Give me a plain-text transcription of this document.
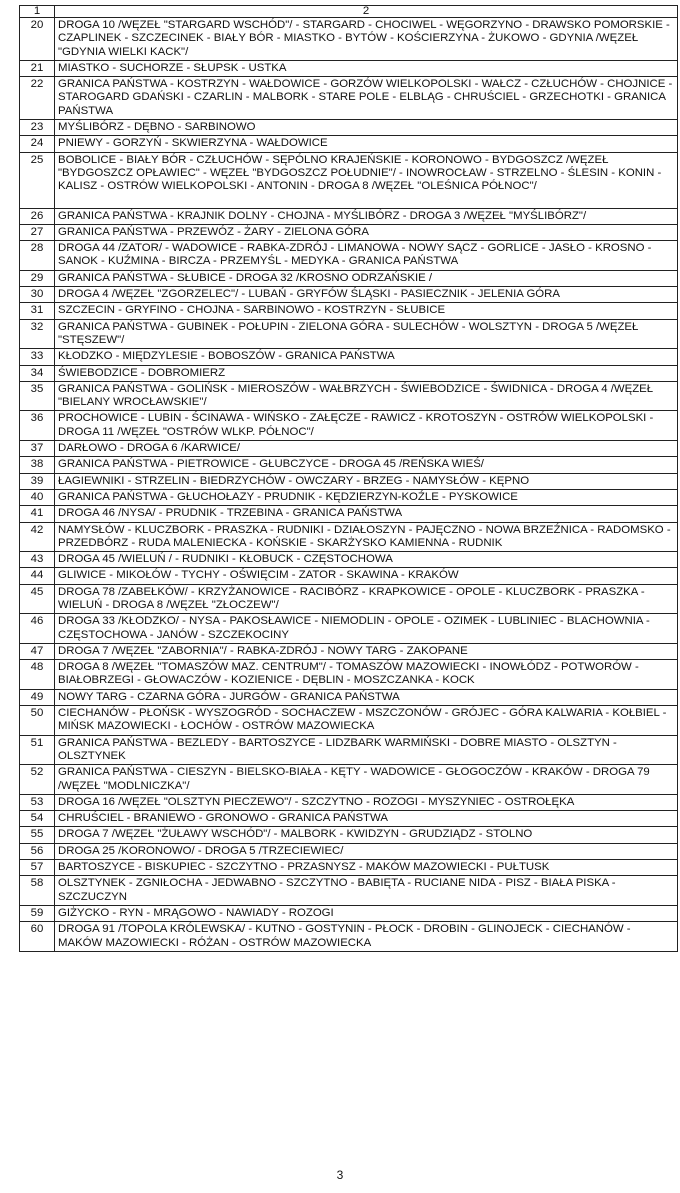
1	2
20	DROGA 10 /WĘZEŁ "STARGARD WSCHÓD"/ - STARGARD - CHOCIWEL - WĘGORZYNO - DRAWSKO POMORSKIE - CZAPLINEK - SZCZECINEK - BIAŁY BÓR - MIASTKO - BYTÓW - KOŚCIERZYNA - ŻUKOWO - GDYNIA /WĘZEŁ "GDYNIA WIELKI KACK"/
21	MIASTKO - SUCHORZE - SŁUPSK - USTKA
22	GRANICA PAŃSTWA - KOSTRZYN - WAŁDOWICE - GORZÓW WIELKOPOLSKI - WAŁCZ - CZŁUCHÓW - CHOJNICE - STAROGARD GDAŃSKI - CZARLIN - MALBORK - STARE POLE - ELBLĄG - CHRUŚCIEL - GRZECHOTKI - GRANICA PAŃSTWA
23	MYŚLIBÓRZ - DĘBNO - SARBINOWO
24	PNIEWY - GORZYŃ - SKWIERZYNA - WAŁDOWICE
25	BOBOLICE - BIAŁY BÓR - CZŁUCHÓW - SĘPÓLNO KRAJEŃSKIE - KORONOWO - BYDGOSZCZ /WĘZEŁ "BYDGOSZCZ OPŁAWIEC" - WĘZEŁ "BYDGOSZCZ POŁUDNIE"/ - INOWROCŁAW - STRZELNO - ŚLESIN - KONIN - KALISZ - OSTRÓW WIELKOPOLSKI - ANTONIN - DROGA 8 /WĘZEŁ "OLEŚNICA PÓŁNOC"/
26	GRANICA PAŃSTWA - KRAJNIK DOLNY - CHOJNA - MYŚLIBÓRZ - DROGA 3 /WĘZEŁ "MYŚLIBÓRZ"/
27	GRANICA PAŃSTWA - PRZEWÓZ - ŻARY - ZIELONA GÓRA
28	DROGA 44 /ZATOR/ - WADOWICE - RABKA-ZDRÓJ - LIMANOWA - NOWY SĄCZ - GORLICE - JASŁO - KROSNO - SANOK - KUŹMINA - BIRCZA - PRZEMYŚL - MEDYKA - GRANICA PAŃSTWA
29	GRANICA PAŃSTWA - SŁUBICE - DROGA 32 /KROSNO ODRZAŃSKIE /
30	DROGA 4 /WĘZEŁ "ZGORZELEC"/ - LUBAŃ - GRYFÓW ŚLĄSKI - PASIECZNIK - JELENIA GÓRA
31	SZCZECIN - GRYFINO - CHOJNA - SARBINOWO - KOSTRZYN - SŁUBICE
32	GRANICA PAŃSTWA - GUBINEK - POŁUPIN - ZIELONA GÓRA - SULECHÓW - WOLSZTYN - DROGA 5 /WĘZEŁ "STĘSZEW"/
33	KŁODZKO - MIĘDZYLESIE - BOBOSZÓW - GRANICA PAŃSTWA
34	ŚWIEBODZICE - DOBROMIERZ
35	GRANICA PAŃSTWA - GOLIŃSK - MIEROSZÓW - WAŁBRZYCH - ŚWIEBODZICE - ŚWIDNICA - DROGA 4 /WĘZEŁ "BIELANY WROCŁAWSKIE"/
36	PROCHOWICE - LUBIN - ŚCINAWA - WIŃSKO - ZAŁĘCZE - RAWICZ - KROTOSZYN - OSTRÓW WIELKOPOLSKI - DROGA 11 /WĘZEŁ "OSTRÓW WLKP. PÓŁNOC"/
37	DARŁOWO - DROGA 6 /KARWICE/
38	GRANICA PAŃSTWA - PIETROWICE - GŁUBCZYCE - DROGA 45 /REŃSKA WIEŚ/
39	ŁAGIEWNIKI - STRZELIN - BIEDRZYCHÓW - OWCZARY - BRZEG - NAMYSŁÓW - KĘPNO
40	GRANICA PAŃSTWA - GŁUCHOŁAZY - PRUDNIK - KĘDZIERZYN-KOŹLE - PYSKOWICE
41	DROGA 46 /NYSA/ - PRUDNIK - TRZEBINA - GRANICA PAŃSTWA
42	NAMYSŁÓW - KLUCZBORK - PRASZKA - RUDNIKI - DZIAŁOSZYN - PAJĘCZNO - NOWA BRZEŹNICA - RADOMSKO - PRZEDBÓRZ - RUDA MALENIECKA - KOŃSKIE - SKARŻYSKO KAMIENNA - RUDNIK
43	DROGA 45 /WIELUŃ / - RUDNIKI - KŁOBUCK - CZĘSTOCHOWA
44	GLIWICE - MIKOŁÓW - TYCHY - OŚWIĘCIM - ZATOR - SKAWINA - KRAKÓW
45	DROGA 78 /ZABEŁKÓW/ - KRZYŻANOWICE - RACIBÓRZ - KRAPKOWICE - OPOLE - KLUCZBORK - PRASZKA - WIELUŃ - DROGA 8 /WĘZEŁ "ZŁOCZEW"/
46	DROGA 33 /KŁODZKO/ - NYSA - PAKOSŁAWICE - NIEMODLIN - OPOLE - OZIMEK - LUBLINIEC - BLACHOWNIA - CZĘSTOCHOWA - JANÓW - SZCZEKOCINY
47	DROGA 7 /WĘZEŁ "ZABORNIA"/ - RABKA-ZDRÓJ - NOWY TARG - ZAKOPANE
48	DROGA 8 /WĘZEŁ "TOMASZÓW MAZ. CENTRUM"/ - TOMASZÓW MAZOWIECKI - INOWŁÓDZ - POTWORÓW - BIAŁOBRZEGI - GŁOWACZÓW - KOZIENICE - DĘBLIN - MOSZCZANKA - KOCK
49	NOWY TARG - CZARNA GÓRA - JURGÓW - GRANICA PAŃSTWA
50	CIECHANÓW - PŁOŃSK - WYSZOGRÓD - SOCHACZEW - MSZCZONÓW - GRÓJEC - GÓRA KALWARIA - KOŁBIEL - MIŃSK MAZOWIECKI - ŁOCHÓW - OSTRÓW MAZOWIECKA
51	GRANICA PAŃSTWA - BEZLEDY - BARTOSZYCE - LIDZBARK WARMIŃSKI - DOBRE MIASTO - OLSZTYN - OLSZTYNEK
52	GRANICA PAŃSTWA - CIESZYN - BIELSKO-BIAŁA - KĘTY - WADOWICE - GŁOGOCZÓW - KRAKÓW - DROGA 79 /WĘZEŁ "MODLNICZKA"/
53	DROGA 16 /WĘZEŁ "OLSZTYN PIECZEWO"/ - SZCZYTNO - ROZOGI - MYSZYNIEC - OSTROŁĘKA
54	CHRUŚCIEL - BRANIEWO - GRONOWO - GRANICA PAŃSTWA
55	DROGA 7 /WĘZEŁ "ŻUŁAWY WSCHÓD"/ - MALBORK - KWIDZYN - GRUDZIĄDZ - STOLNO
56	DROGA 25 /KORONOWO/ - DROGA 5 /TRZECIEWIEC/
57	BARTOSZYCE - BISKUPIEC - SZCZYTNO - PRZASNYSZ - MAKÓW MAZOWIECKI - PUŁTUSK
58	OLSZTYNEK - ZGNIŁOCHA - JEDWABNO - SZCZYTNO - BABIĘTA - RUCIANE NIDA - PISZ - BIAŁA PISKA - SZCZUCZYN
59	GIŻYCKO - RYN - MRĄGOWO - NAWIADY - ROZOGI
60	DROGA 91 /TOPOLA KRÓLEWSKA/ - KUTNO - GOSTYNIN - PŁOCK - DROBIN - GLINOJECK - CIECHANÓW - MAKÓW MAZOWIECKI - RÓŻAN - OSTRÓW MAZOWIECKA
3
